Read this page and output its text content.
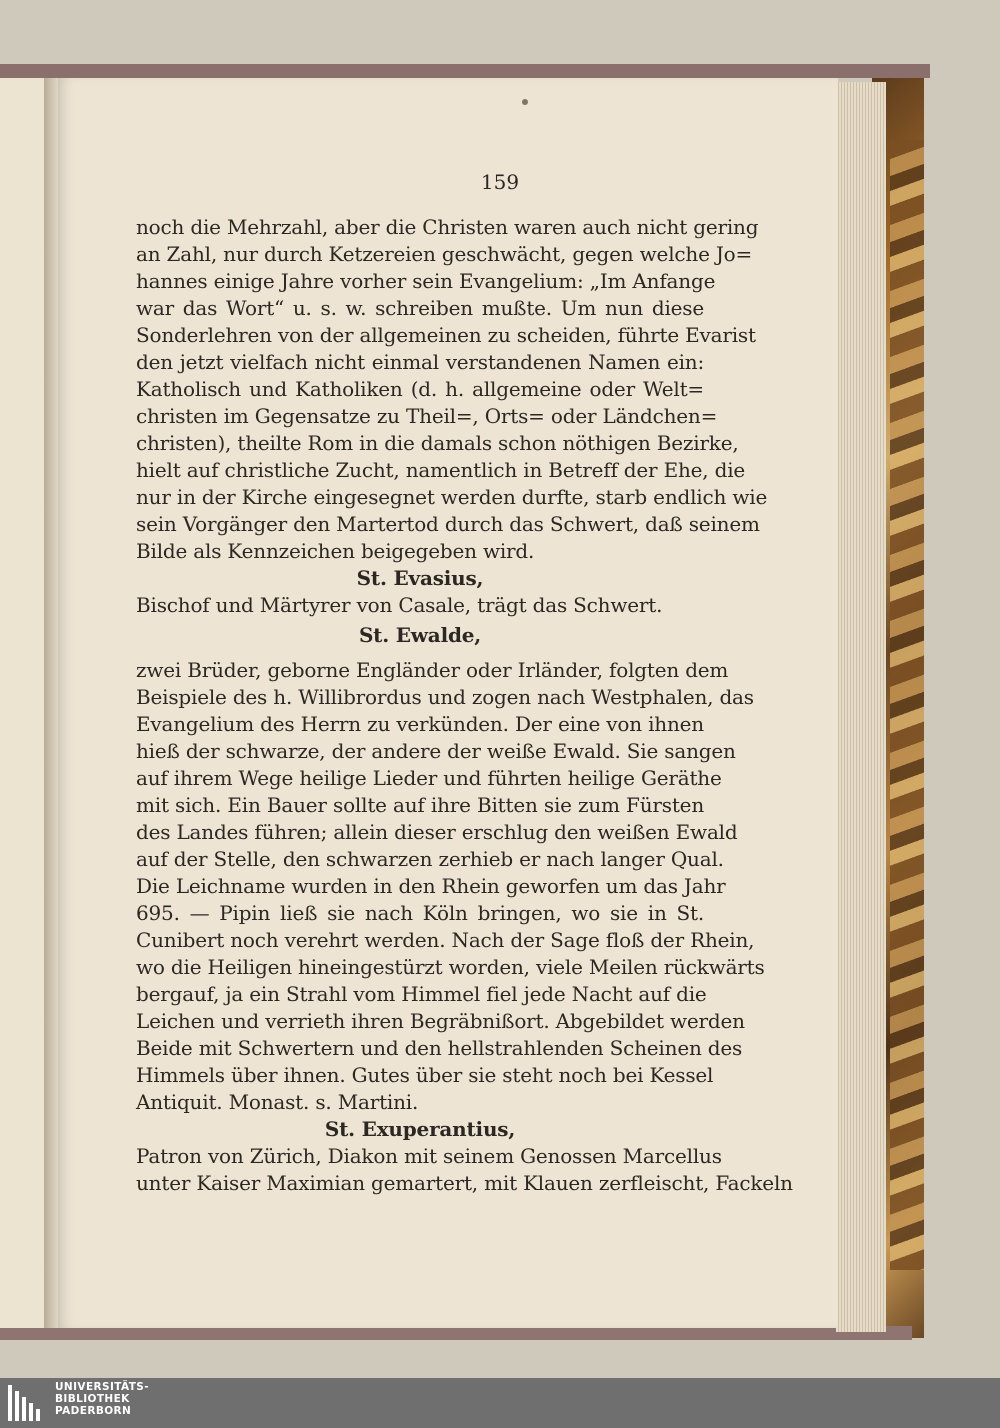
159
noch die Mehrzahl, aber die Christen waren auch nicht gering
an Zahl, nur durch Ketzereien geschwächt, gegen welche Jo=
hannes einige Jahre vorher sein Evangelium: „Im Anfange
war das Wort“ u. s. w. schreiben mußte. Um nun diese
Sonderlehren von der allgemeinen zu scheiden, führte Evarist
den jetzt vielfach nicht einmal verstandenen Namen ein:
Katholisch und Katholiken (d. h. allgemeine oder Welt=
christen im Gegensatze zu Theil=, Orts= oder Ländchen=
christen), theilte Rom in die damals schon nöthigen Bezirke,
hielt auf christliche Zucht, namentlich in Betreff der Ehe, die
nur in der Kirche eingesegnet werden durfte, starb endlich wie
sein Vorgänger den Martertod durch das Schwert, daß seinem
Bilde als Kennzeichen beigegeben wird.
St. Evasius,
Bischof und Märtyrer von Casale, trägt das Schwert.
St. Ewalde,
zwei Brüder, geborne Engländer oder Irländer, folgten dem
Beispiele des h. Willibrordus und zogen nach Westphalen, das
Evangelium des Herrn zu verkünden. Der eine von ihnen
hieß der schwarze, der andere der weiße Ewald. Sie sangen
auf ihrem Wege heilige Lieder und führten heilige Geräthe
mit sich. Ein Bauer sollte auf ihre Bitten sie zum Fürsten
des Landes führen; allein dieser erschlug den weißen Ewald
auf der Stelle, den schwarzen zerhieb er nach langer Qual.
Die Leichname wurden in den Rhein geworfen um das Jahr
695. — Pipin ließ sie nach Köln bringen, wo sie in St.
Cunibert noch verehrt werden. Nach der Sage floß der Rhein,
wo die Heiligen hineingestürzt worden, viele Meilen rückwärts
bergauf, ja ein Strahl vom Himmel fiel jede Nacht auf die
Leichen und verrieth ihren Begräbnißort. Abgebildet werden
Beide mit Schwertern und den hellstrahlenden Scheinen des
Himmels über ihnen. Gutes über sie steht noch bei Kessel
Antiquit. Monast. s. Martini.
St. Exuperantius,
Patron von Zürich, Diakon mit seinem Genossen Marcellus
unter Kaiser Maximian gemartert, mit Klauen zerfleischt, Fackeln
UNIVERSITÄTS-
BIBLIOTHEK
PADERBORN
